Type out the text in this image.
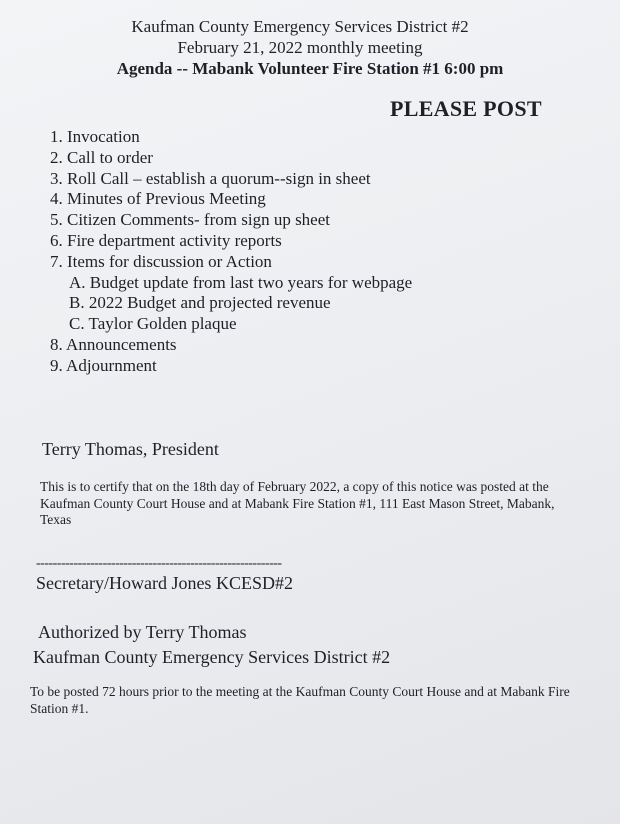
Kaufman County Emergency Services District #2
February 21, 2022 monthly meeting
Agenda -- Mabank Volunteer Fire Station #1 6:00 pm
PLEASE POST
1. Invocation
2. Call to order
3. Roll Call – establish a quorum--sign in sheet
4. Minutes of Previous Meeting
5. Citizen Comments- from sign up sheet
6. Fire department activity reports
7. Items for discussion or Action
A. Budget update from last two years for webpage
B. 2022 Budget and projected revenue
C. Taylor Golden plaque
8. Announcements
9. Adjournment
Terry Thomas, President
This is to certify that on the 18th day of February 2022, a copy of this notice was posted at the Kaufman County Court House and at Mabank Fire Station #1, 111 East Mason Street, Mabank, Texas
-----------------------------------------------------------
Secretary/Howard Jones KCESD#2
Authorized by Terry Thomas
Kaufman County Emergency Services District #2
To be posted 72 hours prior to the meeting at the Kaufman County Court House and at Mabank Fire Station #1.
